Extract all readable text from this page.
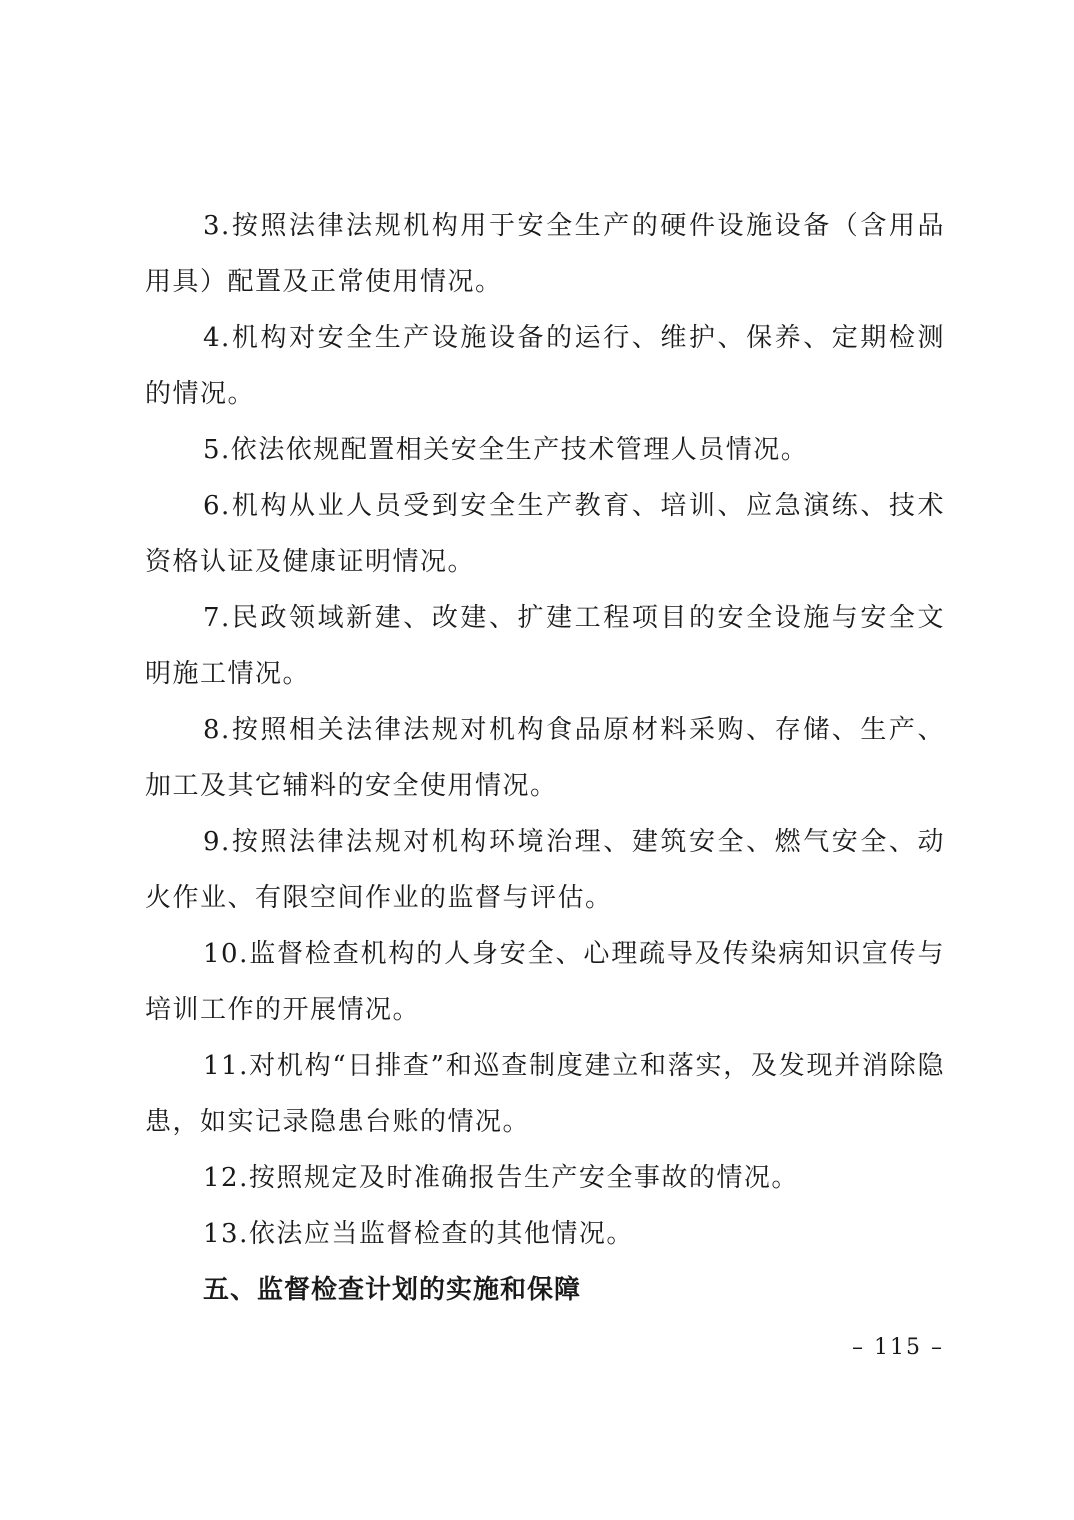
3.按照法律法规机构用于安全生产的硬件设施设备（含用品用具）配置及正常使用情况。

4.机构对安全生产设施设备的运行、维护、保养、定期检测的情况。

5.依法依规配置相关安全生产技术管理人员情况。

6.机构从业人员受到安全生产教育、培训、应急演练、技术资格认证及健康证明情况。

7.民政领域新建、改建、扩建工程项目的安全设施与安全文明施工情况。

8.按照相关法律法规对机构食品原材料采购、存储、生产、加工及其它辅料的安全使用情况。

9.按照法律法规对机构环境治理、建筑安全、燃气安全、动火作业、有限空间作业的监督与评估。

10.监督检查机构的人身安全、心理疏导及传染病知识宣传与培训工作的开展情况。

11.对机构“日排查”和巡查制度建立和落实，及发现并消除隐患，如实记录隐患台账的情况。

12.按照规定及时准确报告生产安全事故的情况。

13.依法应当监督检查的其他情况。

五、监督检查计划的实施和保障

– 115 –
